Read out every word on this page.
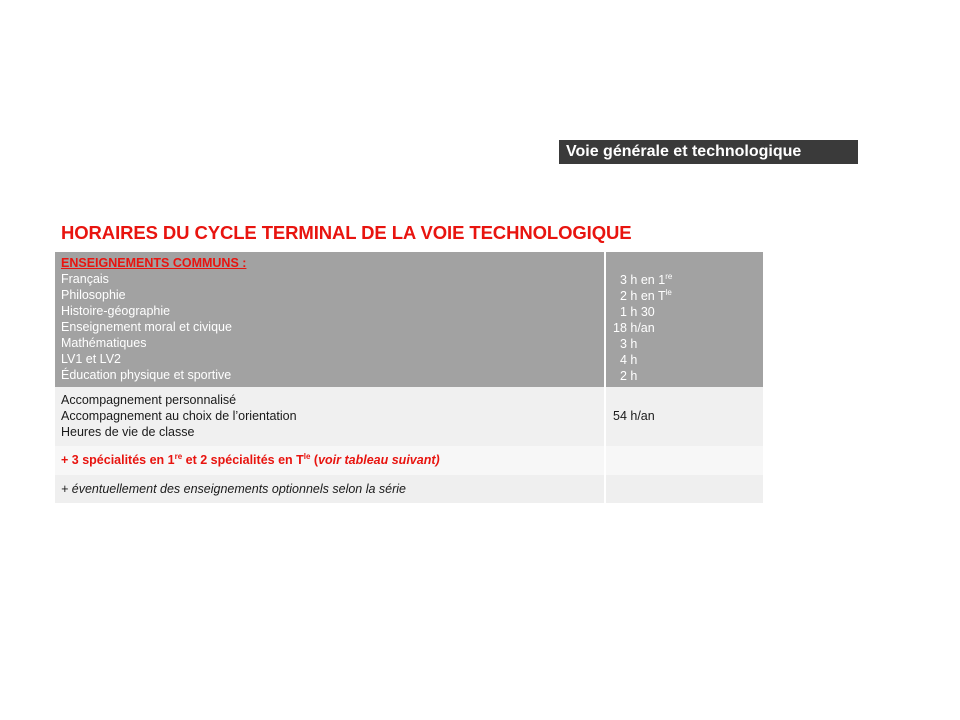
Voie générale et technologique
HORAIRES DU CYCLE TERMINAL DE LA VOIE TECHNOLOGIQUE
ENSEIGNEMENTS COMMUNS :
Français
Philosophie
Histoire-géographie
Enseignement moral et civique
Mathématiques
LV1 et LV2
Éducation physique et sportive
3 h en 1re
2 h en $T^{le}$
1 h 30
18 h/an
3 h
4 h
2 h
Accompagnement personnalisé
Accompagnement au choix de l’orientation
Heures de vie de classe
54 h/an
+ 3 spécialités en 1re et 2 spécialités en $T^{le}$ (voir tableau suivant)
+ éventuellement des enseignements optionnels selon la série
